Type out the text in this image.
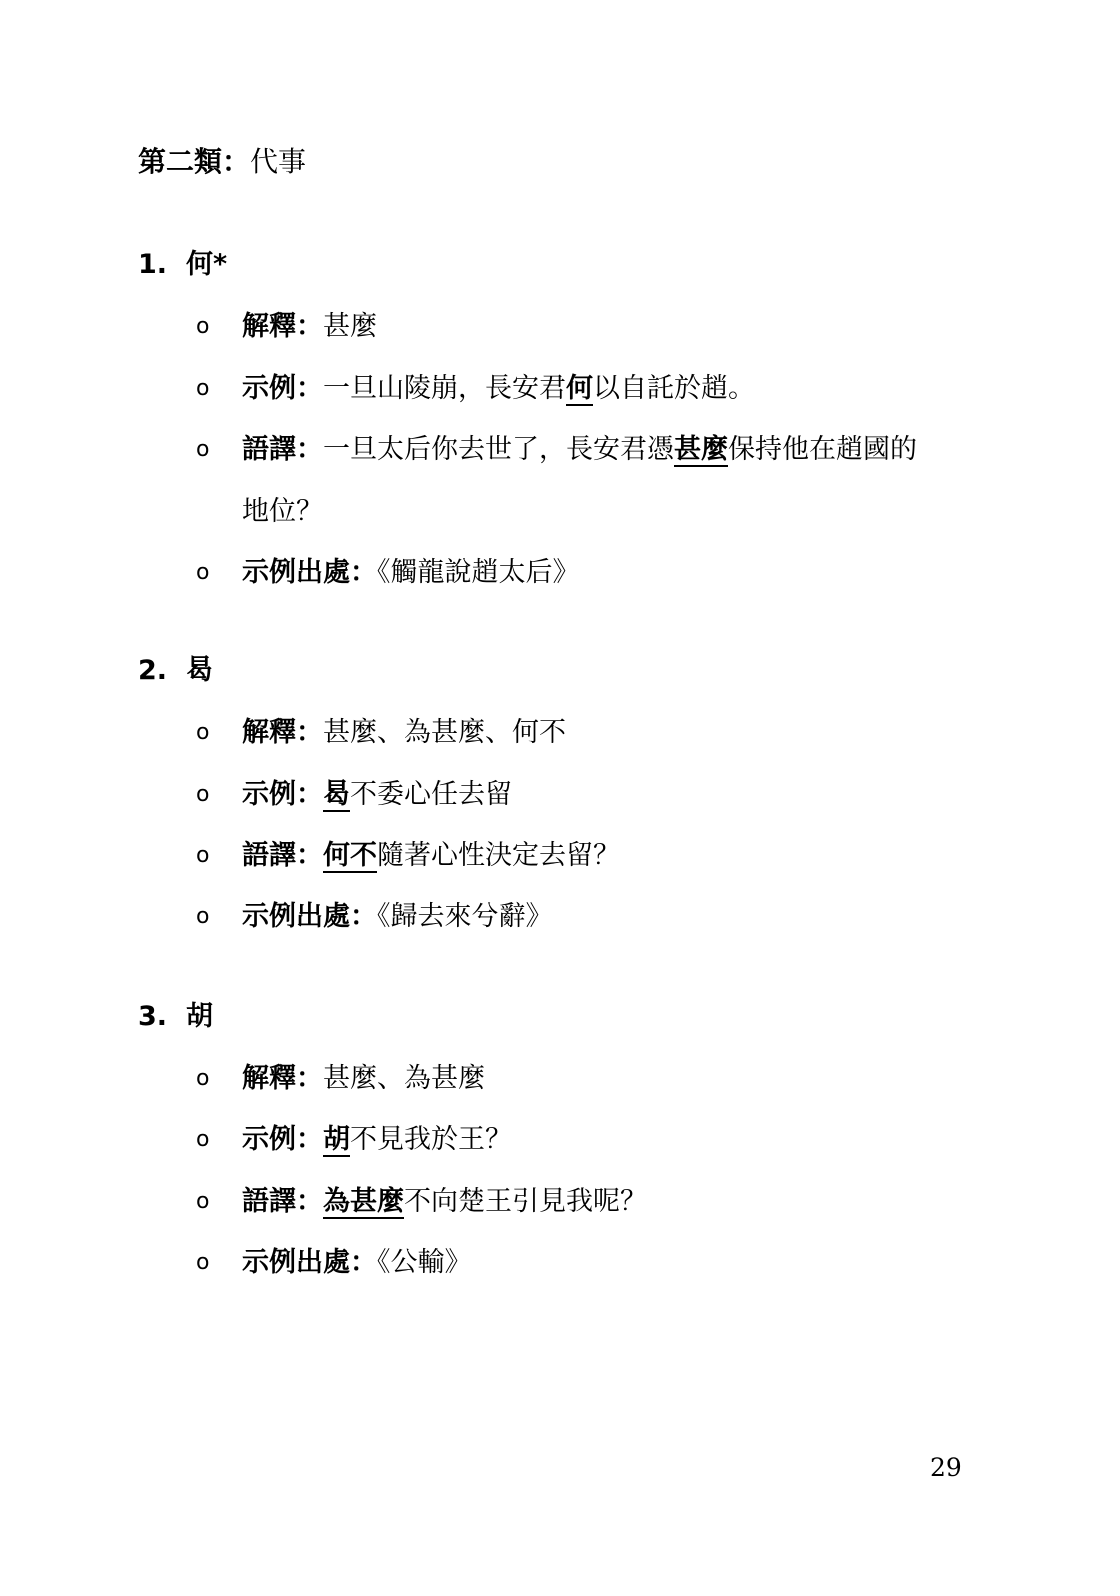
第二類：代事
1. 何*
o 解釋：甚麼
o 示例：一旦山陵崩，長安君何以自託於趙。
o 語譯：一旦太后你去世了，長安君憑甚麼保持他在趙國的地位？
o 示例出處：《觸龍說趙太后》
2. 曷
o 解釋：甚麼、為甚麼、何不
o 示例：曷不委心任去留
o 語譯：何不隨著心性決定去留？
o 示例出處：《歸去來兮辭》
3. 胡
o 解釋：甚麼、為甚麼
o 示例：胡不見我於王？
o 語譯：為甚麼不向楚王引見我呢？
o 示例出處：《公輸》
29
